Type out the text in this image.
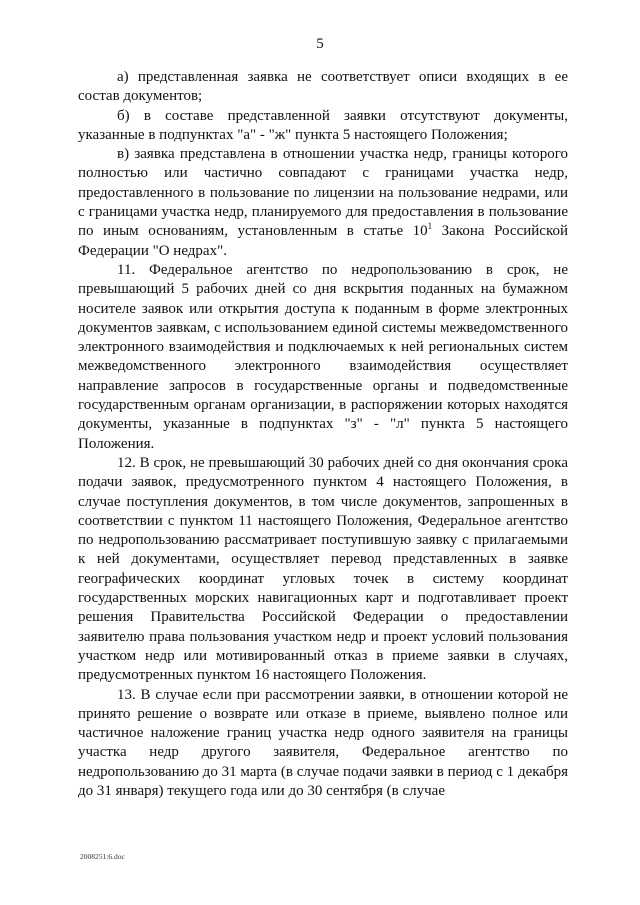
5

а) представленная заявка не соответствует описи входящих в ее состав документов;

б) в составе представленной заявки отсутствуют документы, указанные в подпунктах "а" - "ж" пункта 5 настоящего Положения;

в) заявка представлена в отношении участка недр, границы которого полностью или частично совпадают с границами участка недр, предоставленного в пользование по лицензии на пользование недрами, или с границами участка недр, планируемого для предоставления в пользование по иным основаниям, установленным в статье $10^1$ Закона Российской Федерации "О недрах".

11. Федеральное агентство по недропользованию в срок, не превышающий 5 рабочих дней со дня вскрытия поданных на бумажном носителе заявок или открытия доступа к поданным в форме электронных документов заявкам, с использованием единой системы межведомственного электронного взаимодействия и подключаемых к ней региональных систем межведомственного электронного взаимодействия осуществляет направление запросов в государственные органы и подведомственные государственным органам организации, в распоряжении которых находятся документы, указанные в подпунктах "з" - "л" пункта 5 настоящего Положения.

12. В срок, не превышающий 30 рабочих дней со дня окончания срока подачи заявок, предусмотренного пунктом 4 настоящего Положения, в случае поступления документов, в том числе документов, запрошенных в соответствии с пунктом 11 настоящего Положения, Федеральное агентство по недропользованию рассматривает поступившую заявку с прилагаемыми к ней документами, осуществляет перевод представленных в заявке географических координат угловых точек в систему координат государственных морских навигационных карт и подготавливает проект решения Правительства Российской Федерации о предоставлении заявителю права пользования участком недр и проект условий пользования участком недр или мотивированный отказ в приеме заявки в случаях, предусмотренных пунктом 16 настоящего Положения.

13. В случае если при рассмотрении заявки, в отношении которой не принято решение о возврате или отказе в приеме, выявлено полное или частичное наложение границ участка недр одного заявителя на границы участка недр другого заявителя, Федеральное агентство по недропользованию до 31 марта (в случае подачи заявки в период с 1 декабря до 31 января) текущего года или до 30 сентября (в случае

2008251:6.doc
